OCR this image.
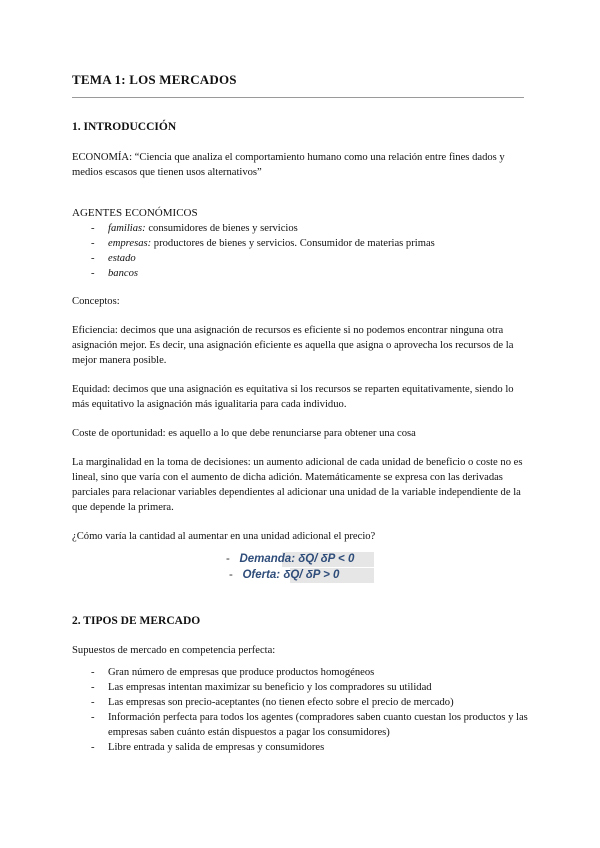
TEMA 1: LOS MERCADOS
1. INTRODUCCIÓN
ECONOMÍA: “Ciencia que analiza el comportamiento humano como una relación entre fines dados y medios escasos que tienen usos alternativos”
AGENTES ECONÓMICOS
- familias: consumidores de bienes y servicios
- empresas: productores de bienes y servicios. Consumidor de materias primas
- estado
- bancos
Conceptos:
Eficiencia: decimos que una asignación de recursos es eficiente si no podemos encontrar ninguna otra asignación mejor. Es decir, una asignación eficiente es aquella que asigna o aprovecha los recursos de la mejor manera posible.
Equidad: decimos que una asignación es equitativa si los recursos se reparten equitativamente, siendo lo más equitativo la asignación más igualitaria para cada individuo.
Coste de oportunidad: es aquello a lo que debe renunciarse para obtener una cosa
La marginalidad en la toma de decisiones: un aumento adicional de cada unidad de beneficio o coste no es lineal, sino que varía con el aumento de dicha adición. Matemáticamente se expresa con las derivadas parciales para relacionar variables dependientes al adicionar una unidad de la variable independiente de la que depende la primera.
¿Cómo varía la cantidad al aumentar en una unidad adicional el precio?
- Demanda: δQ/ δP < 0
- Oferta: δQ/ δP > 0
2. TIPOS DE MERCADO
Supuestos de mercado en competencia perfecta:
- Gran número de empresas que produce productos homogéneos
- Las empresas intentan maximizar su beneficio y los compradores su utilidad
- Las empresas son precio-aceptantes (no tienen efecto sobre el precio de mercado)
- Información perfecta para todos los agentes (compradores saben cuanto cuestan los productos y las empresas saben cuánto están dispuestos a pagar los consumidores)
- Libre entrada y salida de empresas y consumidores
